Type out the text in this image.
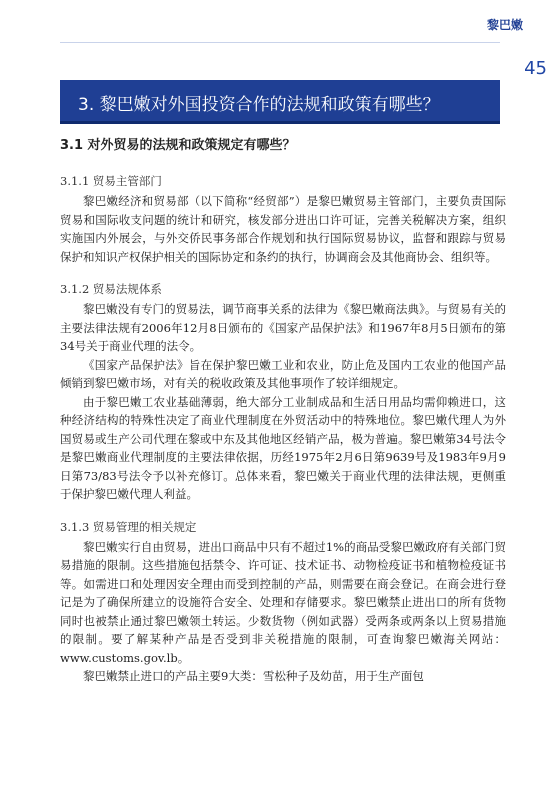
黎巴嫩
45
3. 黎巴嫩对外国投资合作的法规和政策有哪些？
3.1 对外贸易的法规和政策规定有哪些？
3.1.1 贸易主管部门

黎巴嫩经济和贸易部（以下简称“经贸部”）是黎巴嫩贸易主管部门，主要负责国际贸易和国际收支问题的统计和研究，核发部分进出口许可证，完善关税解决方案，组织实施国内外展会，与外交侨民事务部合作规划和执行国际贸易协议，监督和跟踪与贸易保护和知识产权保护相关的国际协定和条约的执行，协调商会及其他商协会、组织等。

3.1.2 贸易法规体系

黎巴嫩没有专门的贸易法，调节商事关系的法律为《黎巴嫩商法典》。与贸易有关的主要法律法规有2006年12月8日颁布的《国家产品保护法》和1967年8月5日颁布的第34号关于商业代理的法令。

《国家产品保护法》旨在保护黎巴嫩工业和农业，防止危及国内工农业的他国产品倾销到黎巴嫩市场，对有关的税收政策及其他事项作了较详细规定。

由于黎巴嫩工农业基础薄弱，绝大部分工业制成品和生活日用品均需仰赖进口，这种经济结构的特殊性决定了商业代理制度在外贸活动中的特殊地位。黎巴嫩代理人为外国贸易或生产公司代理在黎或中东及其他地区经销产品，极为普遍。黎巴嫩第34号法令是黎巴嫩商业代理制度的主要法律依据，历经1975年2月6日第9639号及1983年9月9日第73/83号法令予以补充修订。总体来看，黎巴嫩关于商业代理的法律法规，更侧重于保护黎巴嫩代理人利益。

3.1.3 贸易管理的相关规定

黎巴嫩实行自由贸易，进出口商品中只有不超过1%的商品受黎巴嫩政府有关部门贸易措施的限制。这些措施包括禁令、许可证、技术证书、动物检疫证书和植物检疫证书等。如需进口和处理因安全理由而受到控制的产品，则需要在商会登记。在商会进行登记是为了确保所建立的设施符合安全、处理和存储要求。黎巴嫩禁止进出口的所有货物同时也被禁止通过黎巴嫩领土转运。少数货物（例如武器）受两条或两条以上贸易措施的限制。要了解某种产品是否受到非关税措施的限制，可查询黎巴嫩海关网站：www.customs.gov.lb。

黎巴嫩禁止进口的产品主要9大类：雪松种子及幼苗，用于生产面包
